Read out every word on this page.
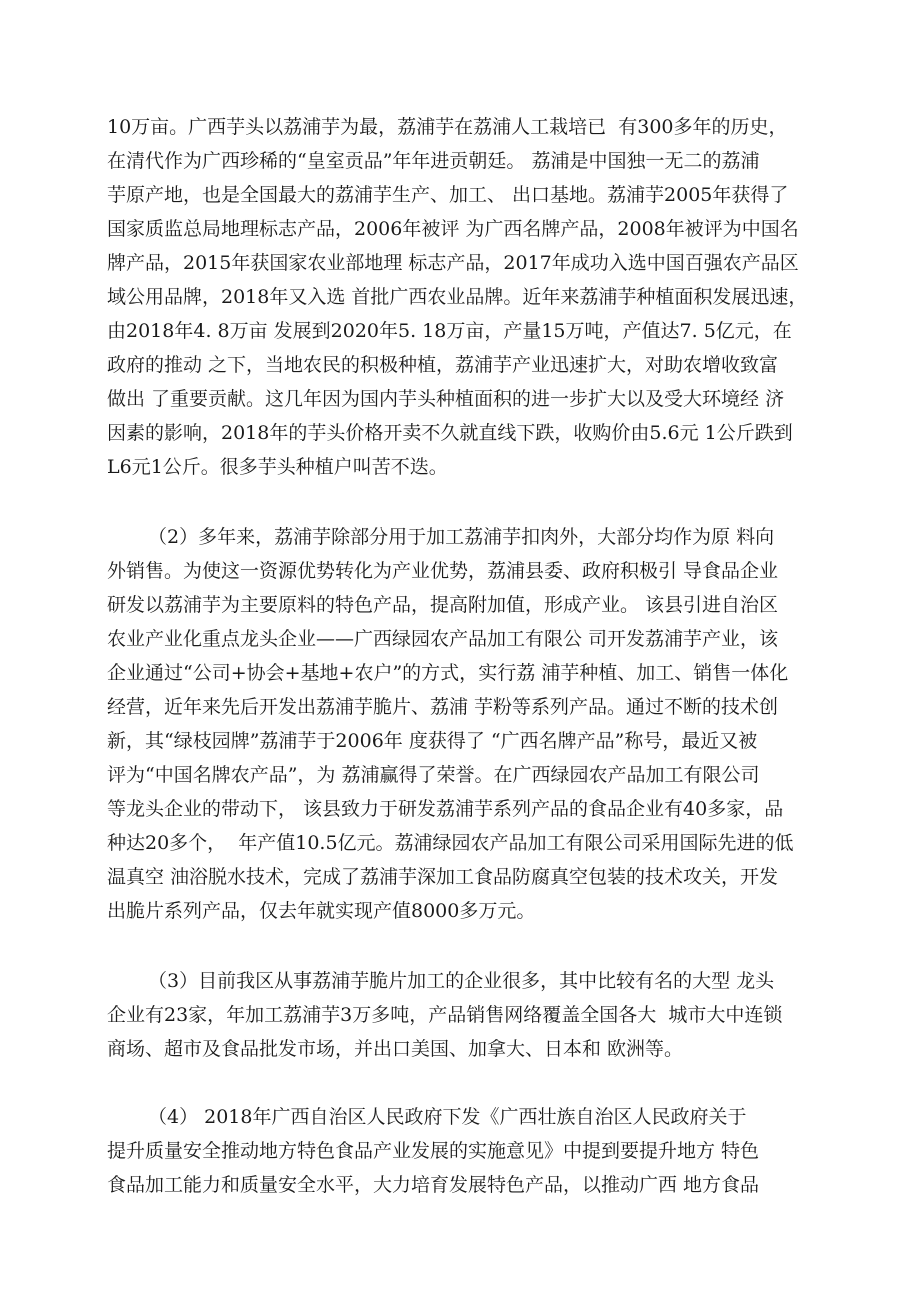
10万亩。广西芋头以荔浦芋为最，荔浦芋在荔浦人工栽培已  有300多年的历史，
在清代作为广西珍稀的“皇室贡品”年年进贡朝廷。 荔浦是中国独一无二的荔浦
芋原产地，也是全国最大的荔浦芋生产、加工、 出口基地。荔浦芋2005年获得了
国家质监总局地理标志产品，2006年被评 为广西名牌产品，2008年被评为中国名
牌产品，2015年获国家农业部地理 标志产品，2017年成功入选中国百强农产品区
域公用品牌，2018年又入选 首批广西农业品牌。近年来荔浦芋种植面积发展迅速，
由2018年4. 8万亩 发展到2020年5. 18万亩，产量15万吨，产值达7. 5亿元，在
政府的推动 之下，当地农民的积极种植，荔浦芋产业迅速扩大，对助农增收致富
做出 了重要贡献。这几年因为国内芋头种植面积的进一步扩大以及受大环境经 济
因素的影响，2018年的芋头价格开卖不久就直线下跌，收购价由5.6元 1公斤跌到
L6元1公斤。很多芋头种植户叫苦不迭。
（2）多年来，荔浦芋除部分用于加工荔浦芋扣肉外，大部分均作为原 料向
外销售。为使这一资源优势转化为产业优势，荔浦县委、政府积极引 导食品企业
研发以荔浦芋为主要原料的特色产品，提高附加值，形成产业。 该县引进自治区
农业产业化重点龙头企业——广西绿园农产品加工有限公 司开发荔浦芋产业，该
企业通过“公司+协会+基地+农户”的方式，实行荔 浦芋种植、加工、销售一体化
经营，近年来先后开发出荔浦芋脆片、荔浦 芋粉等系列产品。通过不断的技术创
新，其“绿枝园牌”荔浦芋于2006年 度获得了 “广西名牌产品”称号，最近又被
评为“中国名牌农产品”，为 荔浦赢得了荣誉。在广西绿园农产品加工有限公司
等龙头企业的带动下， 该县致力于研发荔浦芋系列产品的食品企业有40多家，品
种达20多个，  年产值10.5亿元。荔浦绿园农产品加工有限公司采用国际先进的低
温真空 油浴脱水技术，完成了荔浦芋深加工食品防腐真空包装的技术攻关，开发
出脆片系列产品，仅去年就实现产值8000多万元。
（3）目前我区从事荔浦芋脆片加工的企业很多，其中比较有名的大型 龙头
企业有23家，年加工荔浦芋3万多吨，产品销售网络覆盖全国各大  城市大中连锁
商场、超市及食品批发市场，并出口美国、加拿大、日本和 欧洲等。
（4） 2018年广西自治区人民政府下发《广西壮族自治区人民政府关于
提升质量安全推动地方特色食品产业发展的实施意见》中提到要提升地方 特色
食品加工能力和质量安全水平，大力培育发展特色产品，以推动广西 地方食品
